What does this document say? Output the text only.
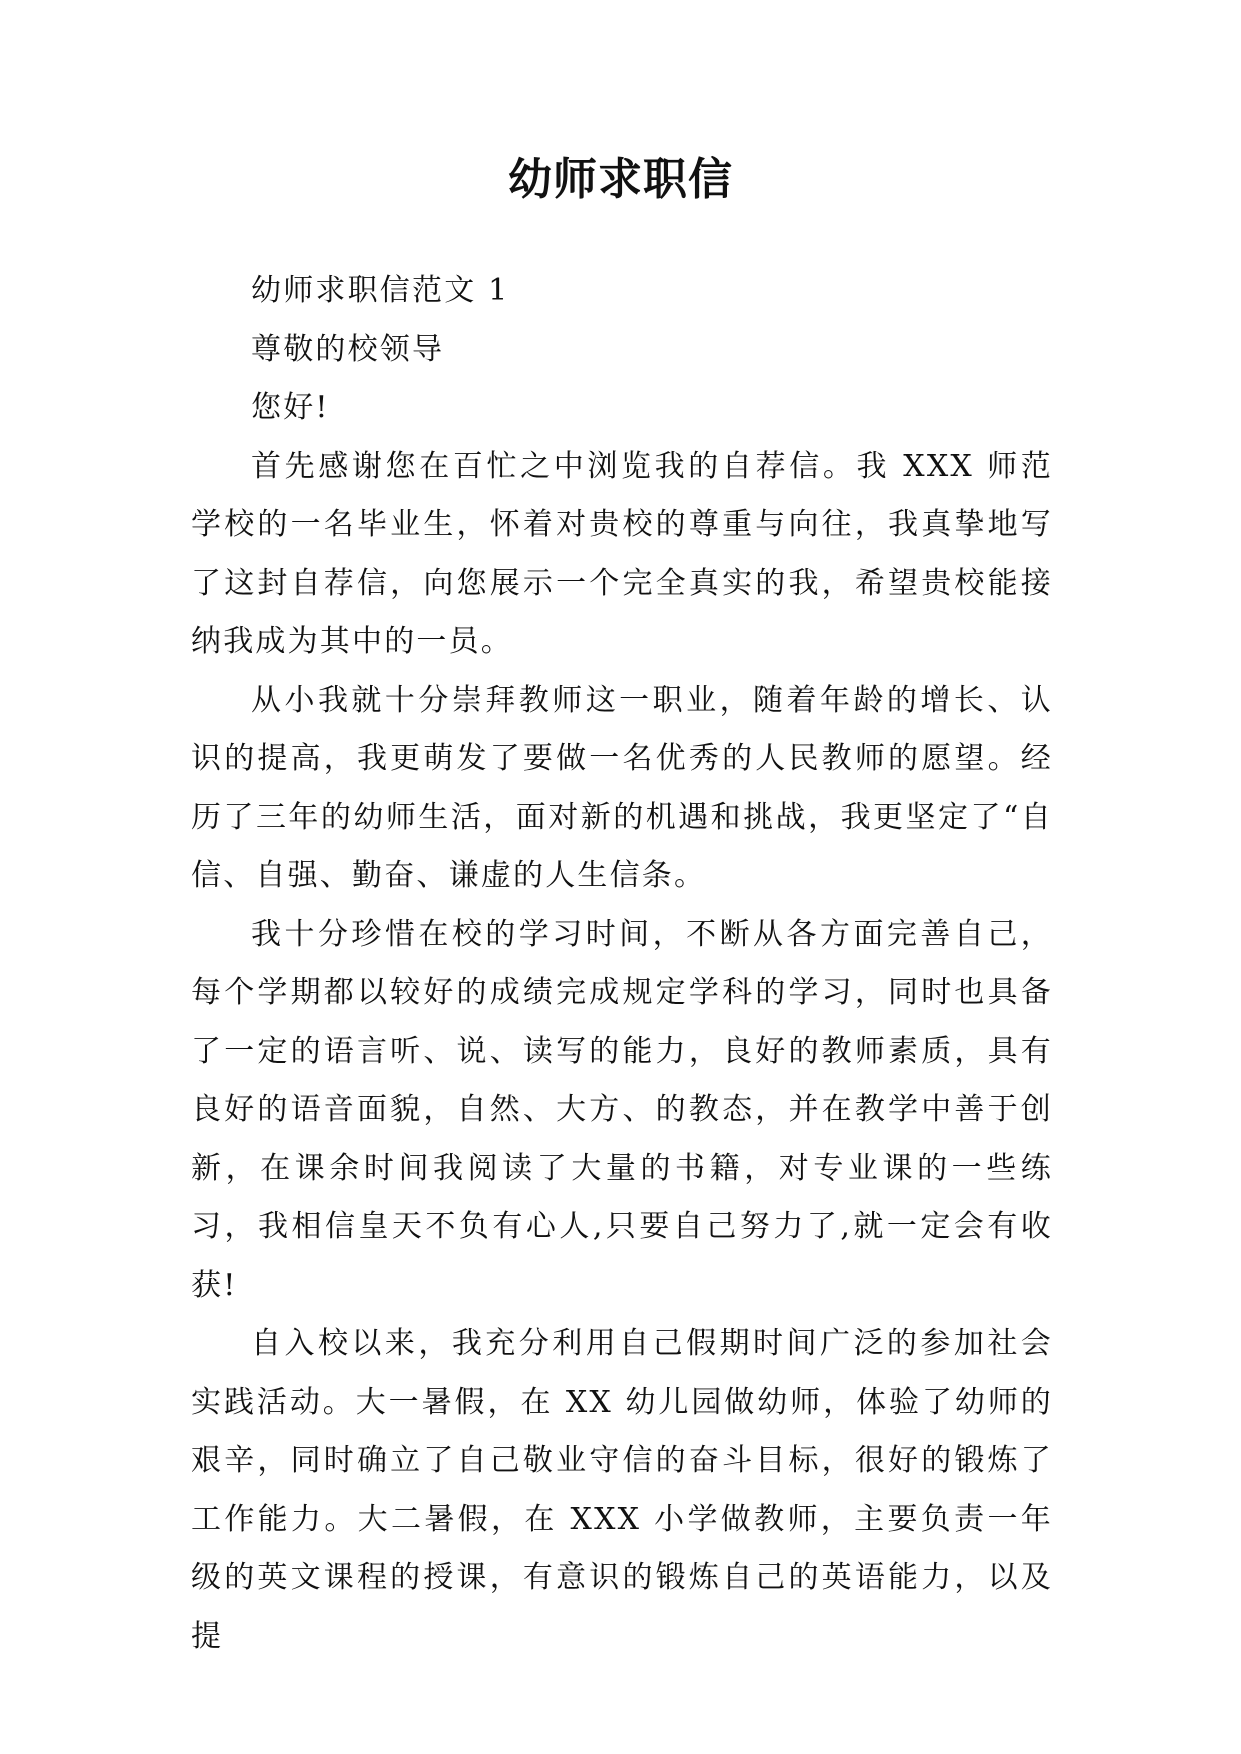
幼师求职信

幼师求职信范文 1

尊敬的校领导

您好!

首先感谢您在百忙之中浏览我的自荐信。我 XXX 师范学校的一名毕业生，怀着对贵校的尊重与向往，我真挚地写了这封自荐信，向您展示一个完全真实的我，希望贵校能接纳我成为其中的一员。

从小我就十分崇拜教师这一职业，随着年龄的增长、认识的提高，我更萌发了要做一名优秀的人民教师的愿望。经历了三年的幼师生活，面对新的机遇和挑战，我更坚定了“自信、自强、勤奋、谦虚的人生信条。

我十分珍惜在校的学习时间，不断从各方面完善自己，每个学期都以较好的成绩完成规定学科的学习，同时也具备了一定的语言听、说、读写的能力，良好的教师素质，具有良好的语音面貌，自然、大方、的教态，并在教学中善于创新，在课余时间我阅读了大量的书籍，对专业课的一些练习，我相信皇天不负有心人,只要自己努力了,就一定会有收获!

自入校以来，我充分利用自己假期时间广泛的参加社会实践活动。大一暑假，在 XX 幼儿园做幼师，体验了幼师的艰辛，同时确立了自己敬业守信的奋斗目标，很好的锻炼了工作能力。大二暑假，在 XXX 小学做教师，主要负责一年级的英文课程的授课，有意识的锻炼自己的英语能力，以及提
